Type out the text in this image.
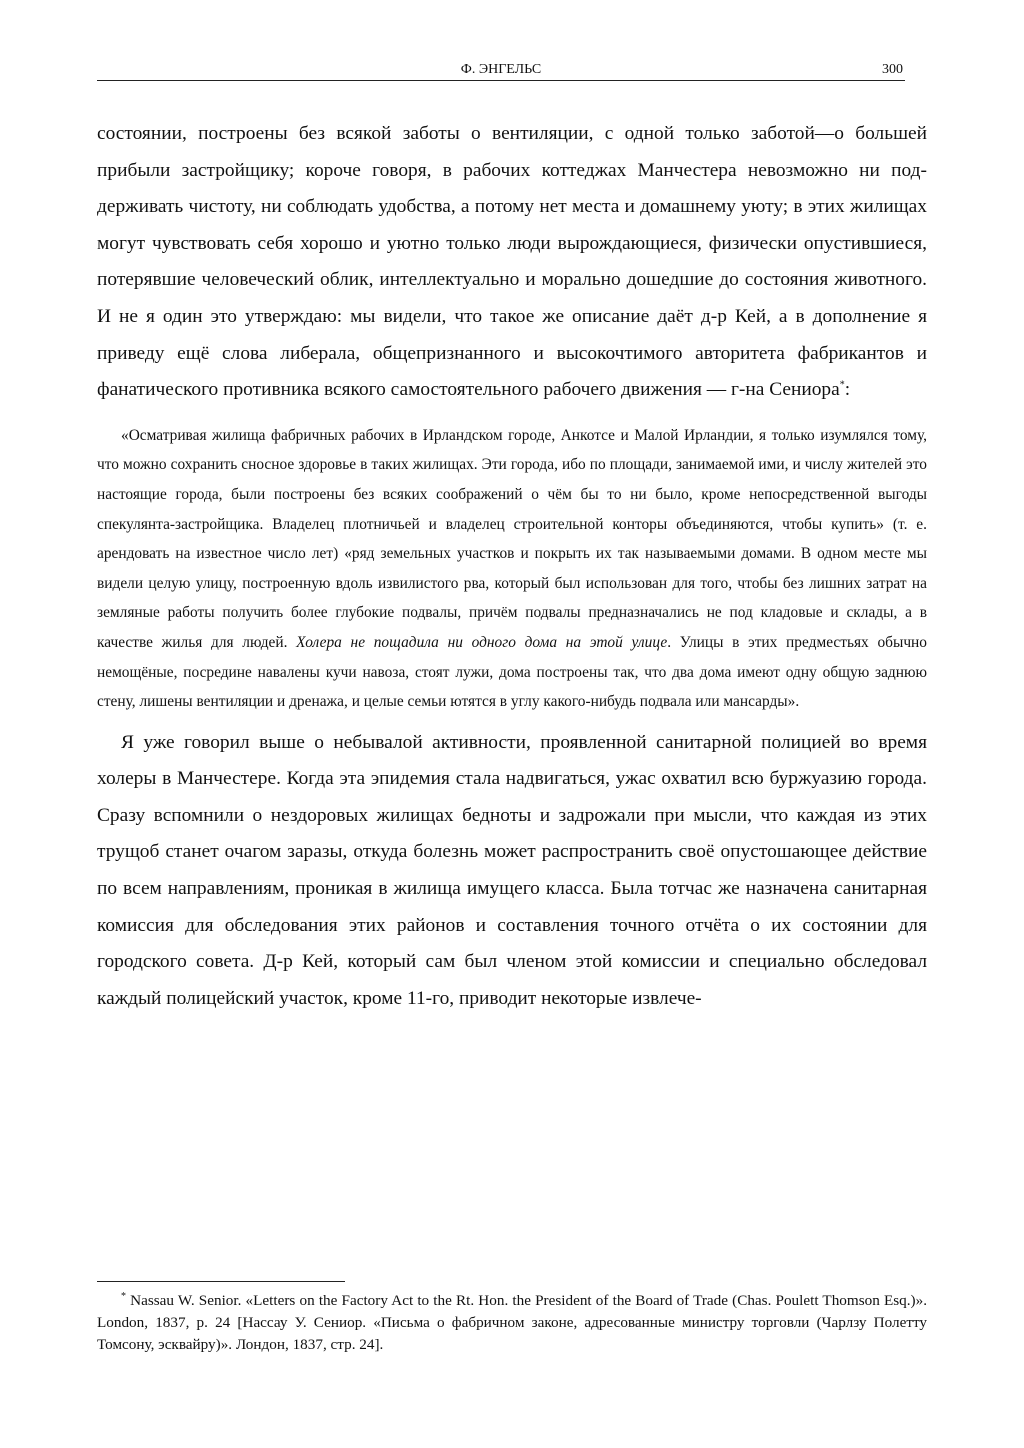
Ф. ЭНГЕЛЬС	300

состоянии, построены без всякой заботы о вентиляции, с одной только заботой—о большей прибыли застройщику; короче говоря, в рабочих коттеджах Манчестера невозможно ни поддерживать чистоту, ни соблюдать удобства, а потому нет места и домашнему уюту; в этих жилищах могут чувствовать себя хорошо и уютно только люди вырождающиеся, физически опустившиеся, потерявшие человеческий облик, интеллектуально и морально дошедшие до состояния животного. И не я один это утверждаю: мы видели, что такое же описание даёт д-р Кей, а в дополнение я приведу ещё слова либерала, общепризнанного и высокочтимого авторитета фабрикантов и фанатического противника всякого самостоятельного рабочего движения — г-на Сениора*:

«Осматривая жилища фабричных рабочих в Ирландском городе, Анкотсе и Малой Ирландии, я только изумлялся тому, что можно сохранить сносное здоровье в таких жилищах. Эти города, ибо по площади, занимаемой ими, и числу жителей это настоящие города, были построены без всяких соображений о чём бы то ни было, кроме непосредственной выгоды спекулянта-застройщика. Владелец плотничьей и владелец строительной конторы объединяются, чтобы купить» (т. е. арендовать на известное число лет) «ряд земельных участков и покрыть их так называемыми домами. В одном месте мы видели целую улицу, построенную вдоль извилистого рва, который был использован для того, чтобы без лишних затрат на земляные работы получить более глубокие подвалы, причём подвалы предназначались не под кладовые и склады, а в качестве жилья для людей. Холера не пощадила ни одного дома на этой улице. Улицы в этих предместьях обычно немощёные, посредине навалены кучи навоза, стоят лужи, дома построены так, что два дома имеют одну общую заднюю стену, лишены вентиляции и дренажа, и целые семьи ютятся в углу какого-нибудь подвала или мансарды».

Я уже говорил выше о небывалой активности, проявленной санитарной полицией во время холеры в Манчестере. Когда эта эпидемия стала надвигаться, ужас охватил всю буржуазию города. Сразу вспомнили о нездоровых жилищах бедноты и задрожали при мысли, что каждая из этих трущоб станет очагом заразы, откуда болезнь может распространить своё опустошающее действие по всем направлениям, проникая в жилища имущего класса. Была тотчас же назначена санитарная комиссия для обследования этих районов и составления точного отчёта о их состоянии для городского совета. Д-р Кей, который сам был членом этой комиссии и специально обследовал каждый полицейский участок, кроме 11-го, приводит некоторые извлече-

* Nassau W. Senior. «Letters on the Factory Act to the Rt. Hon. the President of the Board of Trade (Chas. Poulett Thomson Esq.)». London, 1837, p. 24 [Нассау У. Сениор. «Письма о фабричном законе, адресованные министру торговли (Чарлзу Полетту Томсону, эсквайру)». Лондон, 1837, стр. 24].
